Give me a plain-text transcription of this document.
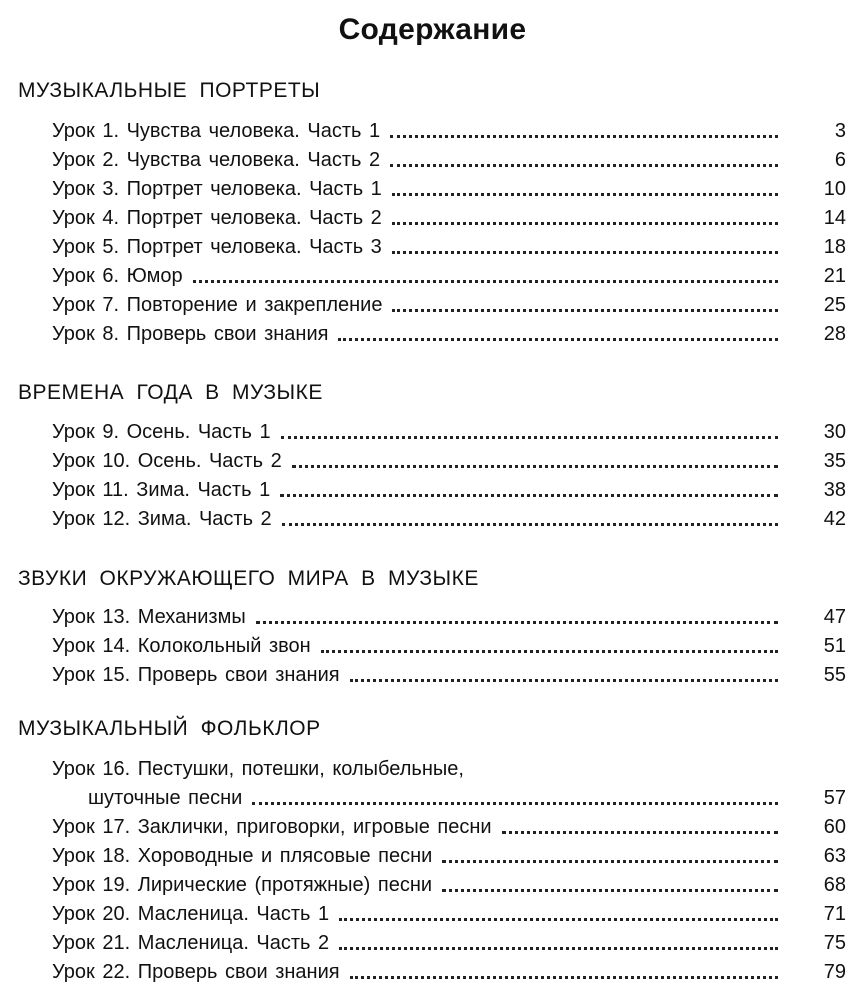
Содержание
МУЗЫКАЛЬНЫЕ ПОРТРЕТЫ
Урок 1. Чувства человека. Часть 1	3
Урок 2. Чувства человека. Часть 2	6
Урок 3. Портрет человека. Часть 1	10
Урок 4. Портрет человека. Часть 2	14
Урок 5. Портрет человека. Часть 3	18
Урок 6. Юмор	21
Урок 7. Повторение и закрепление	25
Урок 8. Проверь свои знания	28
ВРЕМЕНА ГОДА В МУЗЫКЕ
Урок 9. Осень. Часть 1	30
Урок 10. Осень. Часть 2	35
Урок 11. Зима. Часть 1	38
Урок 12. Зима. Часть 2	42
ЗВУКИ ОКРУЖАЮЩЕГО МИРА В МУЗЫКЕ
Урок 13. Механизмы	47
Урок 14. Колокольный звон	51
Урок 15. Проверь свои знания	55
МУЗЫКАЛЬНЫЙ ФОЛЬКЛОР
Урок 16. Пестушки, потешки, колыбельные,
шуточные песни	57
Урок 17. Заклички, приговорки, игровые песни	60
Урок 18. Хороводные и плясовые песни	63
Урок 19. Лирические (протяжные) песни	68
Урок 20. Масленица. Часть 1	71
Урок 21. Масленица. Часть 2	75
Урок 22. Проверь свои знания	79
